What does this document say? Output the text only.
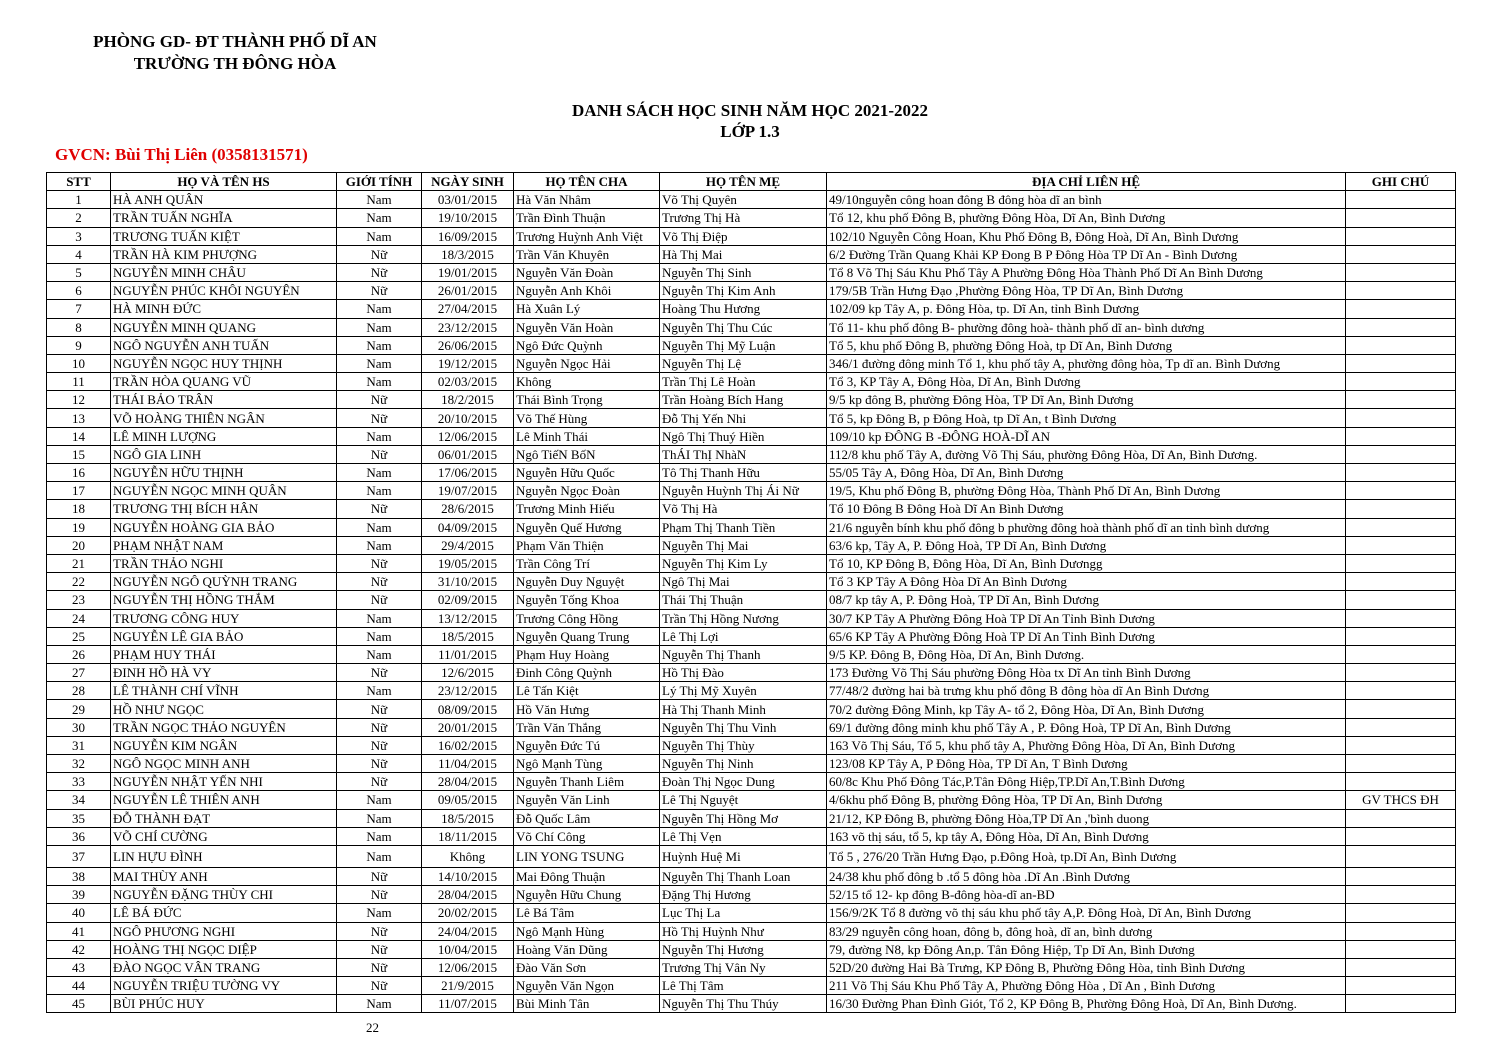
PHÒNG GD- ĐT THÀNH PHỐ DĨ AN
TRƯỜNG TH ĐÔNG HÒA
DANH SÁCH HỌC SINH NĂM HỌC 2021-2022
LỚP 1.3
GVCN: Bùi Thị Liên (0358131571)
STT	HỌ VÀ TÊN HS	GIỚI TÍNH	NGÀY SINH	HỌ TÊN CHA	HỌ TÊN MẸ	ĐỊA CHỈ LIÊN HỆ	GHI CHÚ
1	HÀ ANH QUÂN	Nam	03/01/2015	Hà Văn Nhâm	Võ Thị Quyên	49/10nguyễn công hoan đông B đông hòa dĩ an bình	
2	TRẦN TUẤN NGHĨA	Nam	19/10/2015	Trần Đình Thuận	Trương Thị Hà	Tổ 12, khu phố Đông B, phường Đông Hòa, Dĩ An, Bình Dương	
3	TRƯƠNG TUẤN KIỆT	Nam	16/09/2015	Trương Huỳnh Anh Việt	Võ Thị Điệp	102/10 Nguyễn Công Hoan, Khu Phố Đông B, Đông Hoà, Dĩ An, Bình Dương	
4	TRẦN HÀ KIM PHƯỢNG	Nữ	18/3/2015	Trần Văn Khuyên	Hà Thị Mai	6/2 Đường Trần Quang Khải KP Đong B P Đông Hòa TP Dĩ An - Bình Dương	
5	NGUYỄN MINH CHÂU	Nữ	19/01/2015	Nguyễn Văn Đoàn	Nguyễn Thị Sinh	Tổ 8 Võ Thị Sáu Khu Phố Tây A Phường Đông Hòa Thành Phố Dĩ An Bình Dương	
6	NGUYỄN PHÚC KHÔI NGUYÊN	Nữ	26/01/2015	Nguyễn Anh Khôi	Nguyễn Thị Kim Anh	179/5B Trần Hưng Đạo ,Phường Đông Hòa, TP Dĩ An, Bình Dương	
7	HÀ MINH ĐỨC	Nam	27/04/2015	Hà Xuân Lý	Hoàng Thu Hương	102/09 kp Tây A, p. Đông Hòa, tp. Dĩ An, tỉnh Bình Dương	
8	NGUYỄN MINH QUANG	Nam	23/12/2015	Nguyễn Văn Hoàn	Nguyễn Thị Thu Cúc	Tổ 11- khu phố đông B- phường đông hoà- thành phố dĩ an- bình dương	
9	NGÔ NGUYỄN ANH TUẤN	Nam	26/06/2015	Ngô Đức Quỳnh	Nguyễn Thị Mỹ Luận	Tổ 5, khu phố Đông B, phường Đông Hoà, tp Dĩ An, Bình Dương	
10	NGUYỄN NGỌC HUY THỊNH	Nam	19/12/2015	Nguyễn Ngọc Hải	Nguyễn Thị Lệ	346/1 đường đông minh Tổ 1, khu phố tây A, phường đông hòa, Tp dĩ an. Bình Dương	
11	TRẦN HÒA QUANG VŨ	Nam	02/03/2015	Không	Trần Thị Lê Hoàn	Tổ 3, KP Tây A, Đông Hòa, Dĩ An, Bình Dương	
12	THÁI BẢO TRÂN	Nữ	18/2/2015	Thái Bình Trọng	Trần Hoàng Bích Hang	9/5 kp đông B, phường Đông Hòa, TP Dĩ An, Bình Dương	
13	VÕ HOÀNG THIÊN NGÂN	Nữ	20/10/2015	Võ Thế Hùng	Đỗ Thị Yến Nhi	Tổ 5, kp Đông B, p Đông Hoà, tp Dĩ An, t Bình Dương	
14	LÊ MINH LƯỢNG	Nam	12/06/2015	Lê Minh Thái	Ngô Thị Thuý Hiền	109/10 kp ĐÔNG B -ĐÔNG HOÀ-DĨ AN	
15	NGÔ GIA LINH	Nữ	06/01/2015	Ngô TiếN BốN	ThÁI ThỊ NhàN	112/8 khu phố Tây A, đường Võ Thị Sáu, phường Đông Hòa, Dĩ An, Bình Dương.	
16	NGUYỄN HỮU THỊNH	Nam	17/06/2015	Nguyễn Hữu Quốc	Tô Thị Thanh Hữu	55/05 Tây A, Đông Hòa, Dĩ An, Bình Dương	
17	NGUYỄN NGỌC MINH QUÂN	Nam	19/07/2015	Nguyễn Ngọc Đoàn	Nguyễn Huỳnh Thị Ái Nữ	19/5, Khu phố Đông B, phường Đông Hòa, Thành Phố Dĩ An, Bình Dương	
18	TRƯƠNG THỊ BÍCH HÂN	Nữ	28/6/2015	Trương Minh Hiếu	Võ Thị Hà	Tổ 10 Đông B Đông Hoà Dĩ An Bình Dương	
19	NGUYỄN HOÀNG GIA BẢO	Nam	04/09/2015	Nguyễn Quế Hương	Phạm Thị Thanh Tiền	21/6 nguyễn bính khu phố đông b phường đông hoà thành phố dĩ an tỉnh bình dương	
20	PHẠM NHẬT NAM	Nam	29/4/2015	Phạm Văn Thiện	Nguyễn Thị Mai	63/6 kp, Tây A, P. Đông Hoà, TP Dĩ An, Bình Dương	
21	TRẦN THẢO NGHI	Nữ	19/05/2015	Trần Công Trí	Nguyễn Thị Kim Ly	Tổ 10, KP Đông B, Đông Hòa, Dĩ An, Bình Dươngg	
22	NGUYỄN NGÔ QUỲNH TRANG	Nữ	31/10/2015	Nguyễn Duy Nguyệt	Ngô Thị Mai	Tổ 3 KP Tây A Đông Hòa Dĩ An Bình Dương	
23	NGUYỄN THỊ HỒNG THẮM	Nữ	02/09/2015	Nguyễn Tống Khoa	Thái Thị Thuận	08/7 kp tây A, P. Đông Hoà, TP Dĩ An, Bình Dương	
24	TRƯƠNG CÔNG HUY	Nam	13/12/2015	Trương Công Hồng	Trần Thị Hồng Nương	30/7 KP Tây A Phường Đông Hoà TP Dĩ An Tỉnh Bình Dương	
25	NGUYỄN LÊ GIA BẢO	Nam	18/5/2015	Nguyễn Quang Trung	Lê Thị Lợi	65/6 KP Tây A Phường Đông Hoà TP Dĩ An Tỉnh Bình Dương	
26	PHẠM HUY THÁI	Nam	11/01/2015	Phạm Huy Hoàng	Nguyễn Thị Thanh	9/5 KP. Đông B, Đông Hòa, Dĩ An, Bình Dương.	
27	ĐINH HỒ HÀ VY	Nữ	12/6/2015	Đinh Công Quỳnh	Hồ Thị Đào	173 Đường Võ Thị Sáu phường Đông Hòa tx Dĩ An tỉnh Bình Dương	
28	LÊ THÀNH CHÍ VĨNH	Nam	23/12/2015	Lê Tấn Kiệt	Lý Thị Mỹ Xuyên	77/48/2 đường hai bà trưng khu phố đông B đông hòa dĩ An Bình Dương	
29	HỒ NHƯ NGỌC	Nữ	08/09/2015	Hồ Văn Hưng	Hà Thị Thanh Minh	70/2 đường Đông Minh, kp Tây A- tổ 2, Đông Hòa, Dĩ An, Bình Dương	
30	TRẦN NGỌC THẢO NGUYÊN	Nữ	20/01/2015	Trần Văn Thắng	Nguyễn Thị Thu Vinh	69/1 đường đông minh khu phố Tây A , P. Đông Hoà, TP Dĩ An, Bình Dương	
31	NGUYỄN KIM NGÂN	Nữ	16/02/2015	Nguyễn Đức Tú	Nguyễn Thị Thùy	163 Võ Thị Sáu, Tổ 5, khu phố tây A, Phường Đông Hòa, Dĩ An, Bình Dương	
32	NGÔ NGỌC MINH ANH	Nữ	11/04/2015	Ngô Mạnh Tùng	Nguyễn Thị Ninh	123/08 KP Tây A, P Đông Hòa, TP Dĩ An, T Bình Dương	
33	NGUYỄN NHẬT YẾN NHI	Nữ	28/04/2015	Nguyễn Thanh Liêm	Đoàn Thị Ngọc Dung	60/8c Khu Phố Đông Tác,P.Tân Đông Hiệp,TP.Dĩ An,T.Bình Dương	
34	NGUYỄN LÊ THIÊN ANH	Nam	09/05/2015	Nguyễn Văn Linh	Lê Thị Nguyệt	4/6khu phố Đông B, phường Đông Hòa, TP Dĩ An, Bình Dương	GV THCS ĐH
35	ĐỖ THÀNH ĐẠT	Nam	18/5/2015	Đỗ Quốc Lâm	Nguyễn Thị Hồng Mơ	21/12, KP Đông B, phường Đông Hòa,TP Dĩ An ,'bình duong	
36	VÕ CHÍ CƯỜNG	Nam	18/11/2015	Võ Chí Công	Lê Thị Vẹn	163 võ thị sáu, tổ 5, kp tây A, Đông Hòa, Dĩ An, Bình Dương	
37	LIN HỰU ĐÌNH	Nam	Không	LIN YONG TSUNG	Huỳnh Huệ Mi	Tổ 5 , 276/20 Trần Hưng Đạo, p.Đông Hoà, tp.Dĩ An, Bình Dương	
38	MAI THÙY ANH	Nữ	14/10/2015	Mai Đông Thuận	Nguyễn Thị Thanh Loan	24/38 khu phố đông b .tổ 5 đông hòa .Dĩ An .Bình Dương	
39	NGUYỄN ĐẶNG THÙY CHI	Nữ	28/04/2015	Nguyễn Hữu Chung	Đặng Thị Hương	52/15 tổ 12- kp đông B-đông hòa-dĩ an-BD	
40	LÊ BÁ ĐỨC	Nam	20/02/2015	Lê Bá Tâm	Lục Thị La	156/9/2K Tổ 8 đường võ thị sáu khu phố tây A,P. Đông Hoà, Dĩ An, Bình Dương	
41	NGÔ PHƯƠNG NGHI	Nữ	24/04/2015	Ngô Mạnh Hùng	Hồ Thị Huỳnh Như	83/29 nguyễn công hoan, đông b, đông hoà, dĩ an, bình dương	
42	HOÀNG THỊ NGỌC DIỆP	Nữ	10/04/2015	Hoàng Văn Dũng	Nguyễn Thị Hương	79, đường N8, kp Đông An,p. Tân Đông Hiệp, Tp Dĩ An, Bình Dương	
43	ĐÀO NGỌC VÂN TRANG	Nữ	12/06/2015	Đào Văn Sơn	Trương Thị Vân Ny	52D/20 đường Hai Bà Trưng, KP Đông B, Phường Đông Hòa, tỉnh Bình Dương	
44	NGUYỄN TRIỆU TƯỜNG VY	Nữ	21/9/2015	Nguyễn Văn Ngọn	Lê Thị Tâm	211 Võ Thị Sáu Khu Phố Tây A, Phường Đông Hòa , Dĩ An , Bình Dương	
45	BÙI PHÚC HUY	Nam	11/07/2015	Bùi Minh Tân	Nguyễn Thị Thu Thúy	16/30 Đường Phan Đình Giót, Tổ 2, KP Đông B, Phường Đông Hoà, Dĩ An, Bình Dương.	
22
